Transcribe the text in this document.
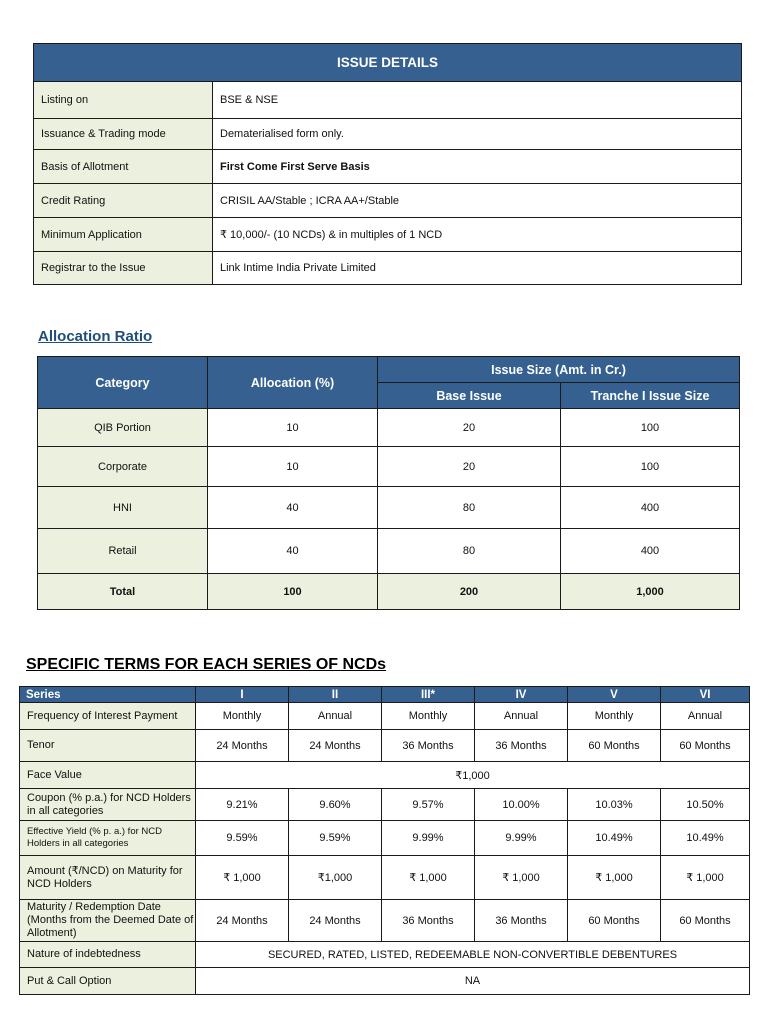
ISSUE DETAILS	
Listing on	BSE & NSE
Issuance & Trading mode	Dematerialised form only.
Basis of Allotment	First Come First Serve Basis
Credit Rating	CRISIL AA/Stable ; ICRA AA+/Stable
Minimum Application	₹ 10,000/- (10 NCDs) & in multiples of 1 NCD
Registrar to the Issue	Link Intime India Private Limited
Allocation Ratio
Category	Allocation (%)	Issue Size (Amt. in Cr.)	
		Base Issue	Tranche I Issue Size
QIB Portion	10	20	100
Corporate	10	20	100
HNI	40	80	400
Retail	40	80	400
Total	100	200	1,000
SPECIFIC TERMS FOR EACH SERIES OF NCDs
Series	I	II	III*	IV	V	VI
Frequency of Interest Payment	Monthly	Annual	Monthly	Annual	Monthly	Annual
Tenor	24 Months	24 Months	36 Months	36 Months	60 Months	60 Months
Face Value	₹1,000					
Coupon (% p.a.) for NCD Holders in all categories	9.21%	9.60%	9.57%	10.00%	10.03%	10.50%
Effective Yield (% p. a.) for NCD Holders in all categories	9.59%	9.59%	9.99%	9.99%	10.49%	10.49%
Amount (₹/NCD) on Maturity for NCD Holders	₹ 1,000	₹1,000	₹ 1,000	₹ 1,000	₹ 1,000	₹ 1,000
Maturity / Redemption Date (Months from the Deemed Date of Allotment)	24 Months	24 Months	36 Months	36 Months	60 Months	60 Months
Nature of indebtedness	SECURED, RATED, LISTED, REDEEMABLE NON-CONVERTIBLE DEBENTURES					
Put & Call Option	NA					
